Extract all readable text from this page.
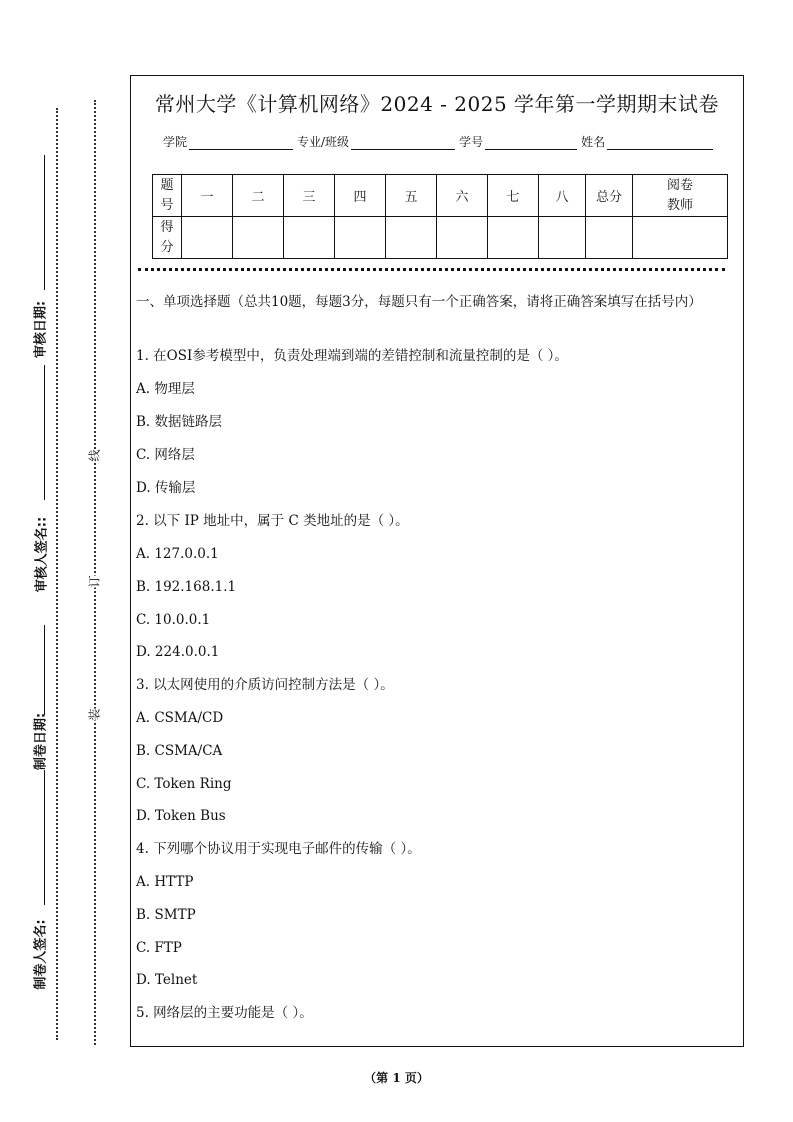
审核日期:
审核人签名::
制卷日期:
制卷人签名:
线
订
装
常州大学《计算机网络》2024 - 2025 学年第一学期期末试卷
学院	专业/班级	学号	姓名
题
号	一	二	三	四	五	六	七	八	总分	阅卷
教师
得
分										
一、单项选择题（总共10题，每题3分，每题只有一个正确答案，请将正确答案填写在括号内）
1. 在OSI参考模型中，负责处理端到端的差错控制和流量控制的是（ ）。
A. 物理层
B. 数据链路层
C. 网络层
D. 传输层
2. 以下 IP 地址中，属于 C 类地址的是（ ）。
A. 127.0.0.1
B. 192.168.1.1
C. 10.0.0.1
D. 224.0.0.1
3. 以太网使用的介质访问控制方法是（ ）。
A. CSMA/CD
B. CSMA/CA
C. Token Ring
D. Token Bus
4. 下列哪个协议用于实现电子邮件的传输（ ）。
A. HTTP
B. SMTP
C. FTP
D. Telnet
5. 网络层的主要功能是（ ）。
（第 1 页）
